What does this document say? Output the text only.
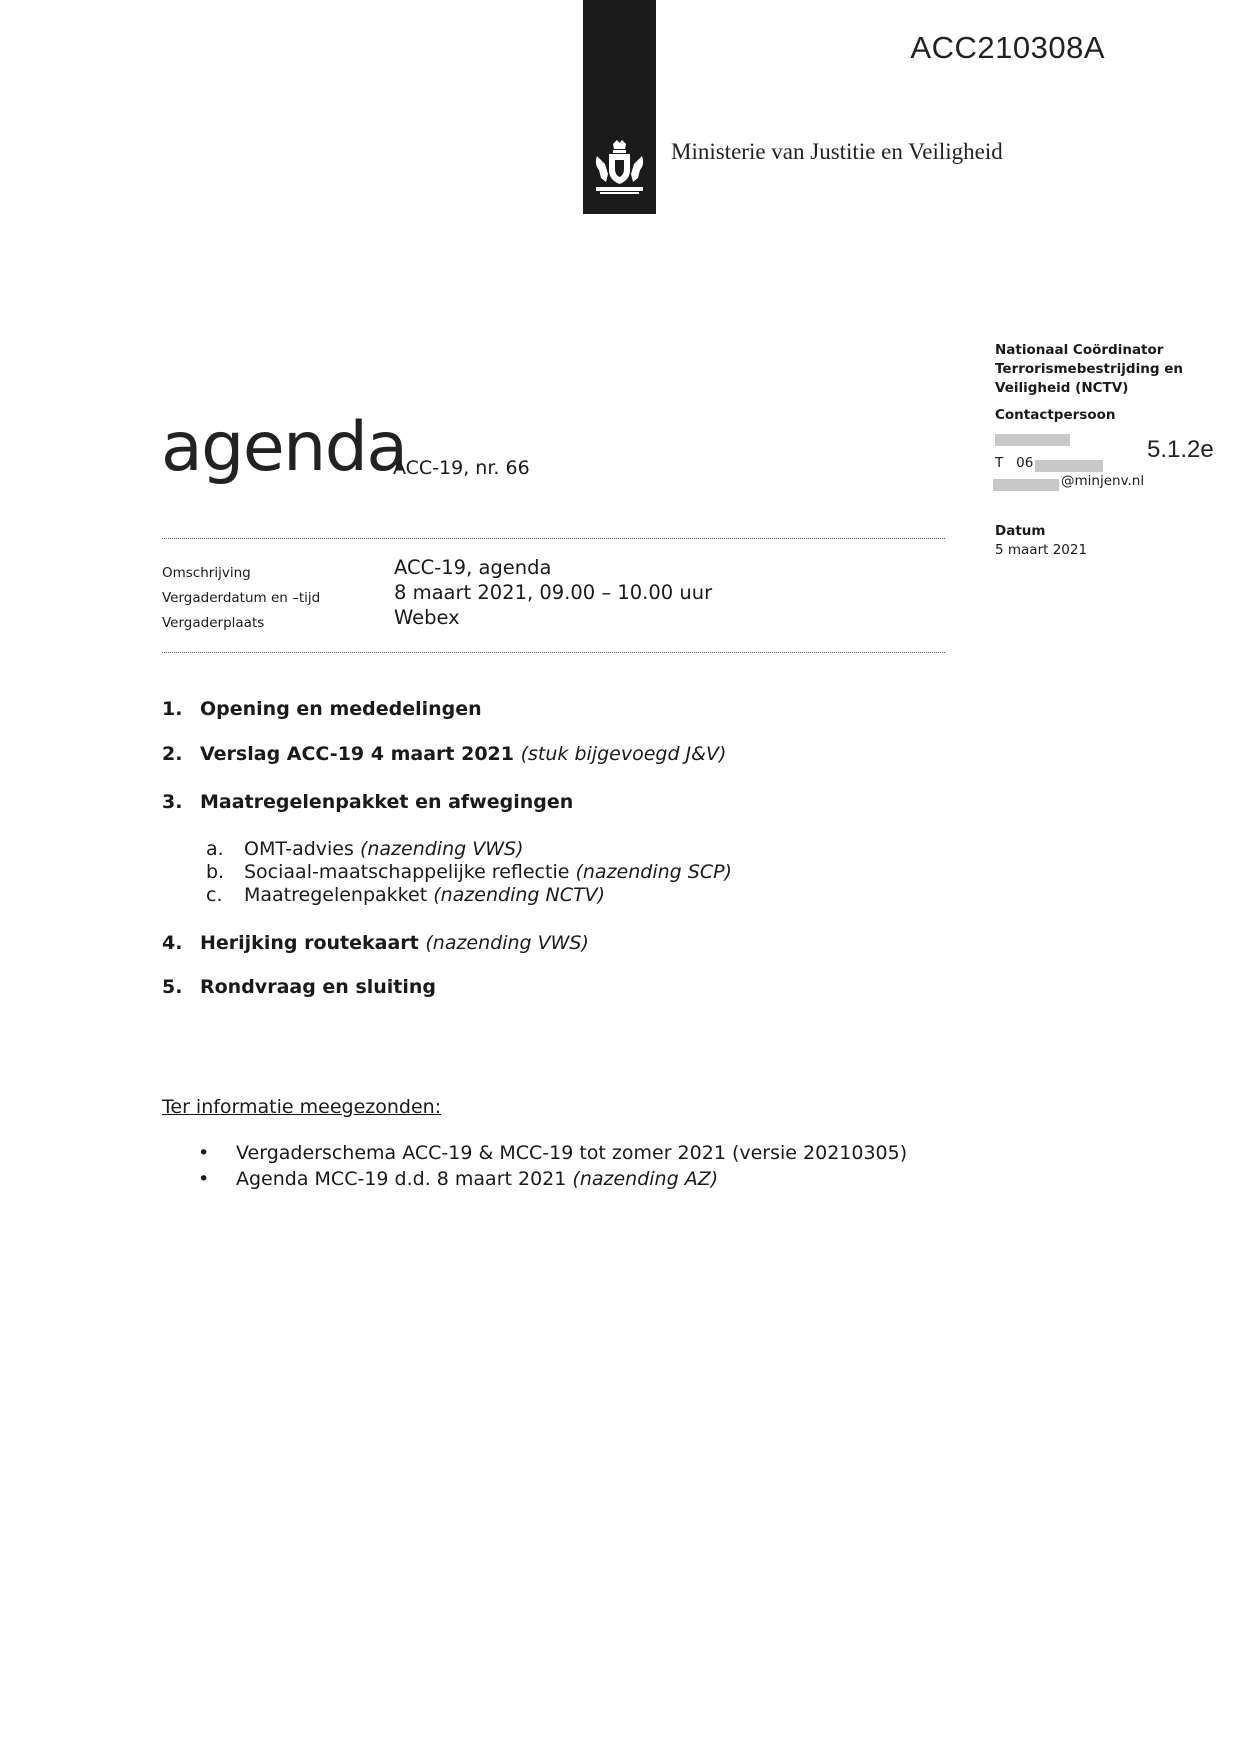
ACC210308A
Ministerie van Justitie en Veiligheid
Nationaal Coördinator
Terrorismebestrijding en
Veiligheid (NCTV)
Contactpersoon
T 06	5.1.2e
@minjenv.nl
Datum
5 maart 2021
agenda
ACC-19, nr. 66
Omschrijving	ACC-19, agenda
Vergaderdatum en –tijd	8 maart 2021, 09.00 – 10.00 uur
Vergaderplaats	Webex
1. Opening en mededelingen
2. Verslag ACC-19 4 maart 2021 (stuk bijgevoegd J&V)
3. Maatregelenpakket en afwegingen
a. OMT-advies (nazending VWS)
b. Sociaal-maatschappelijke reflectie (nazending SCP)
c. Maatregelenpakket (nazending NCTV)
4. Herijking routekaart (nazending VWS)
5. Rondvraag en sluiting
Ter informatie meegezonden:
• Vergaderschema ACC-19 & MCC-19 tot zomer 2021 (versie 20210305)
• Agenda MCC-19 d.d. 8 maart 2021 (nazending AZ)
